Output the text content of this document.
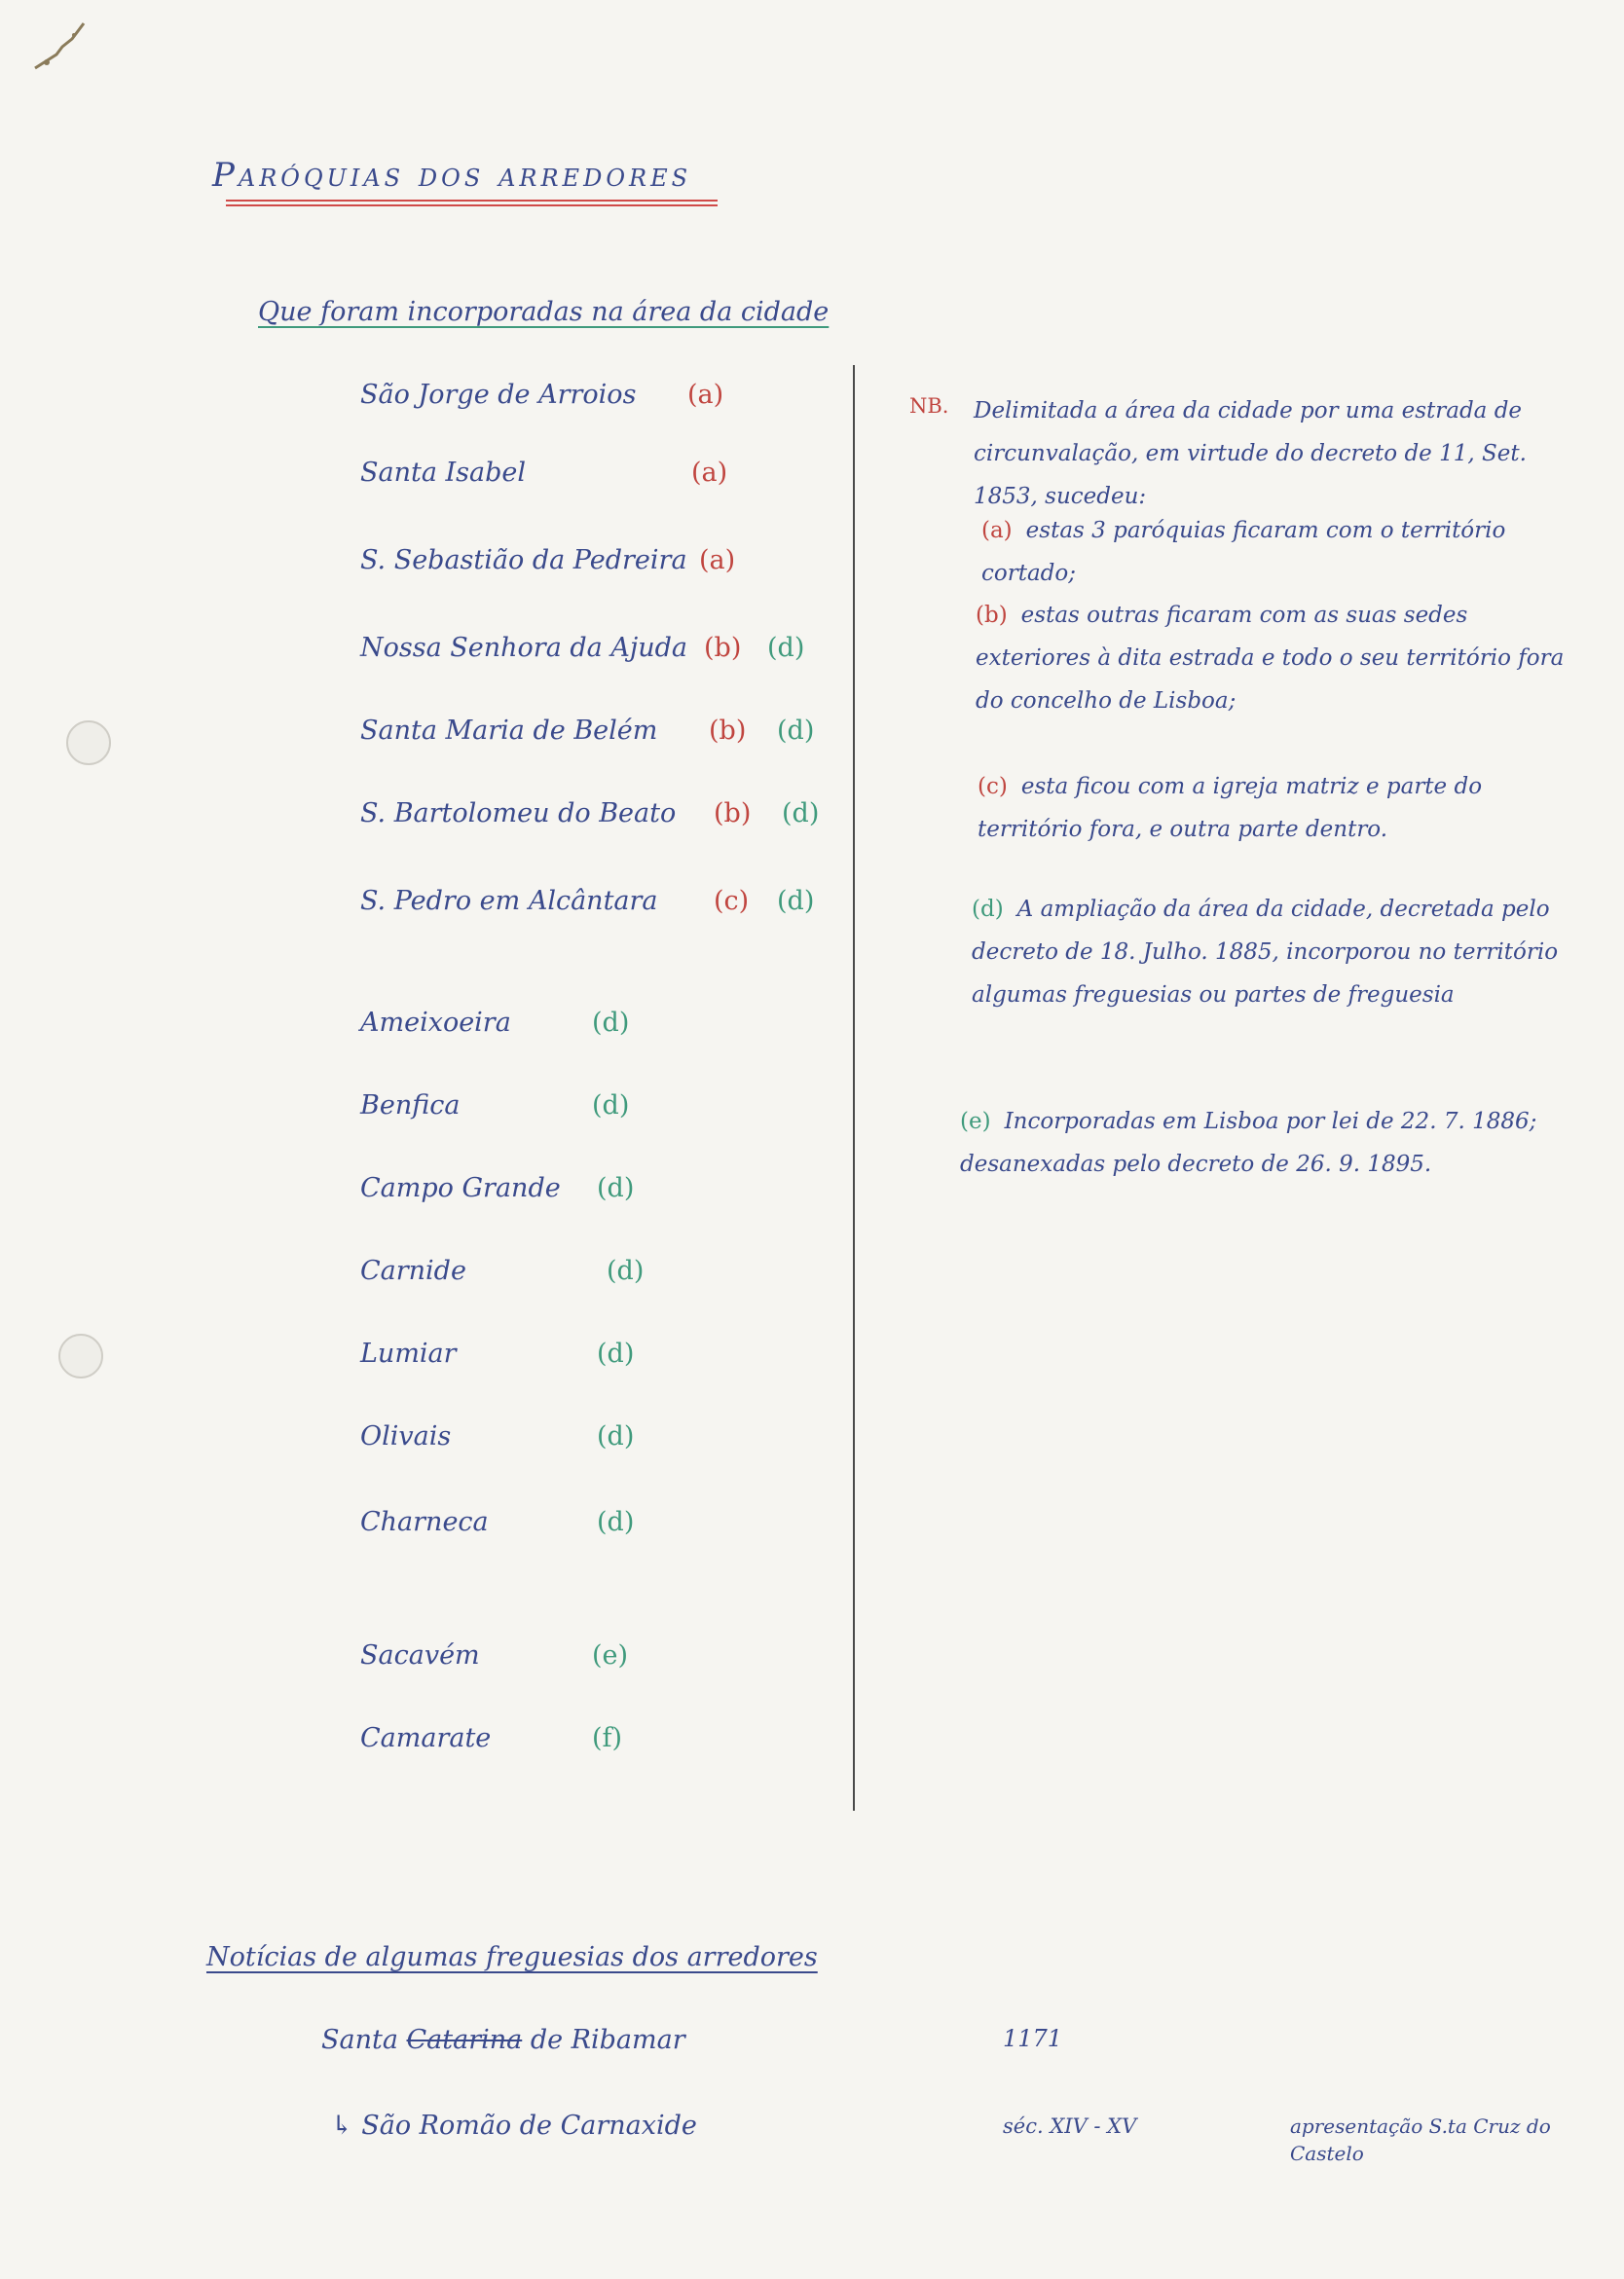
Paróquias dos arredores
Que foram incorporadas na área da cidade
São Jorge de Arroios (a)
Santa Isabel	(a)
S. Sebastião da Pedreira (a)
Nossa Senhora da Ajuda (b) (d)
Santa Maria de Belém (b) (d)
S. Bartolomeu do Beato (b) (d)
S. Pedro em Alcântara (c) (d)
Ameixoeira	(d)
Benfica	(d)
Campo Grande (d)
Carnide	(d)
Lumiar	(d)
Olivais	(d)
Charneca	(d)
Sacavém	(e)
Camarate	(f)
NB. Delimitada a área da cidade por uma estrada de circunvalação, em virtude do decreto de 11, Set. 1853, sucedeu:
(a) estas 3 paróquias ficaram com o território cortado;
(b) estas outras ficaram com as suas sedes exteriores à dita estrada e todo o seu território fora do concelho de Lisboa;
(c) esta ficou com a igreja matriz e parte do território fora, e outra parte dentro.
(d) A ampliação da área da cidade, decretada pelo decreto de 18. Julho. 1885, incorporou no território algumas freguesias ou partes de freguesia
(e) Incorporadas em Lisboa por lei de 22. 7. 1886; desanexadas pelo decreto de 26. 9. 1895.
Notícias de algumas freguesias dos arredores
Santa Catarina de Ribamar	1171
↳ São Romão de Carnaxide	séc. XIV - XV	apresentação S.ta Cruz do Castelo
